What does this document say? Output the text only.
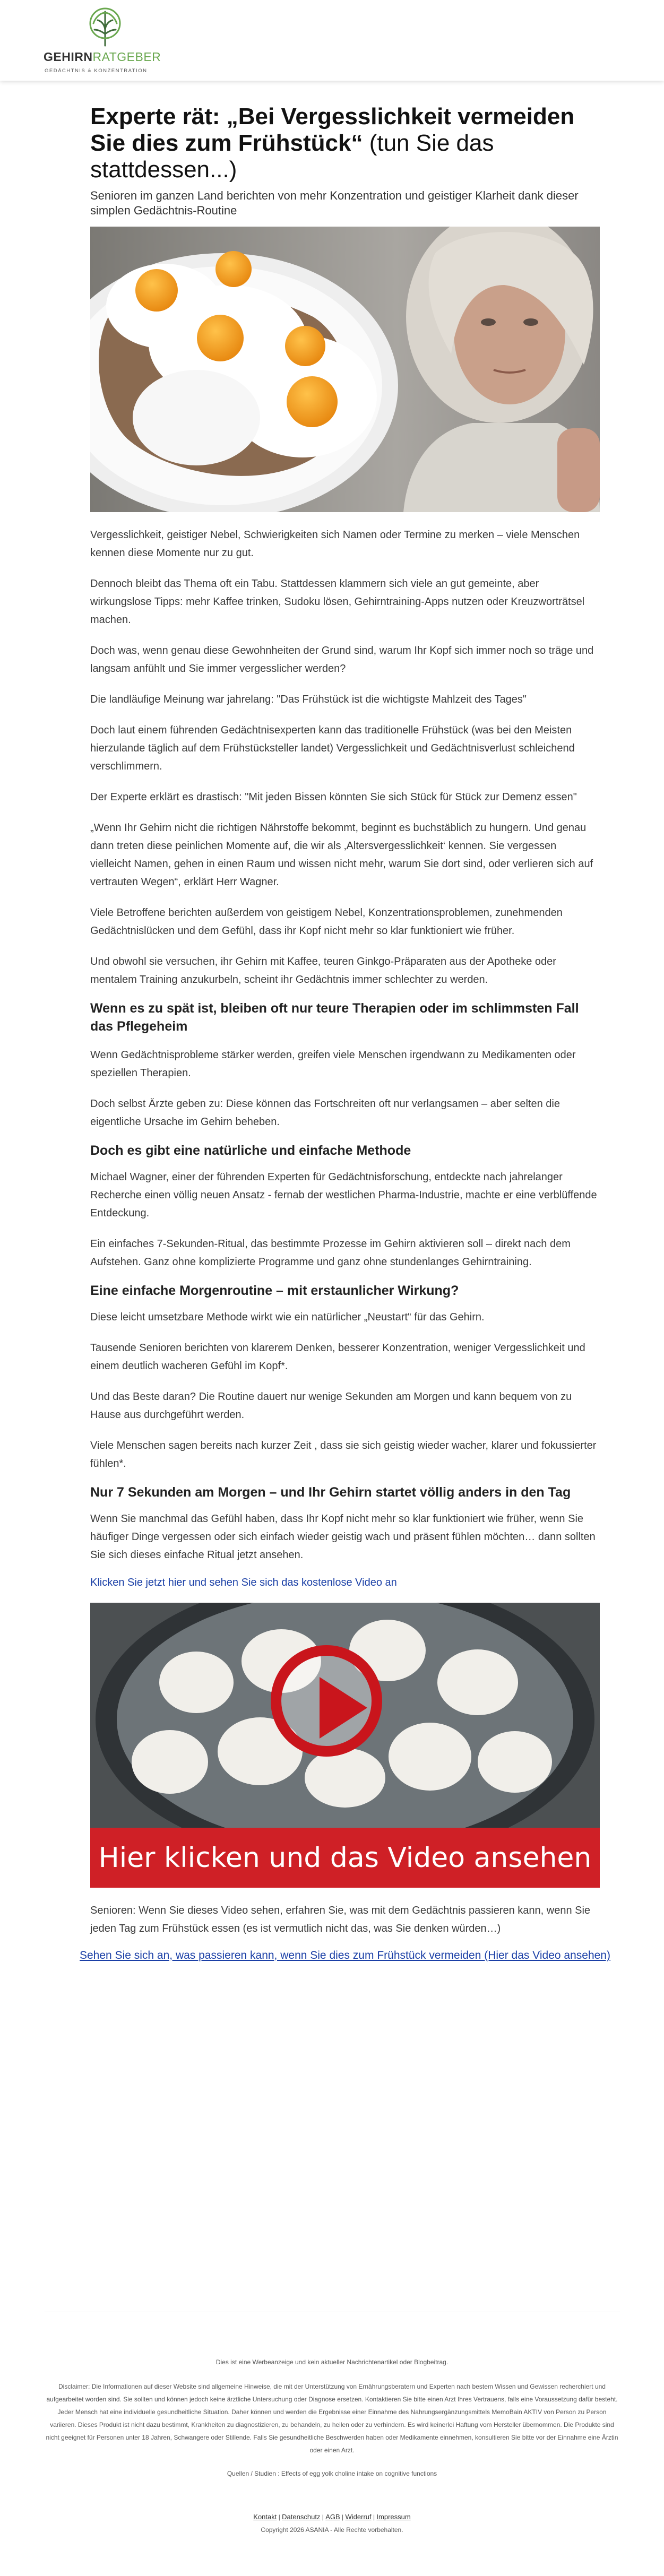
GEHIRNRATGEBER
GEDÄCHTNIS & KONZENTRATION
Experte rät: „Bei Vergesslichkeit vermeiden Sie dies zum Frühstück“ (tun Sie das stattdessen...)

Senioren im ganzen Land berichten von mehr Konzentration und geistiger Klarheit dank dieser simplen Gedächtnis-Routine

Vergesslichkeit, geistiger Nebel, Schwierigkeiten sich Namen oder Termine zu merken – viele Menschen kennen diese Momente nur zu gut.

Dennoch bleibt das Thema oft ein Tabu. Stattdessen klammern sich viele an gut gemeinte, aber wirkungslose Tipps: mehr Kaffee trinken, Sudoku lösen, Gehirntraining-Apps nutzen oder Kreuzworträtsel machen.

Doch was, wenn genau diese Gewohnheiten der Grund sind, warum Ihr Kopf sich immer noch so träge und langsam anfühlt und Sie immer vergesslicher werden?

Die landläufige Meinung war jahrelang: "Das Frühstück ist die wichtigste Mahlzeit des Tages"

Doch laut einem führenden Gedächtnisexperten kann das traditionelle Frühstück (was bei den Meisten hierzulande täglich auf dem Frühstücksteller landet) Vergesslichkeit und Gedächtnisverlust schleichend verschlimmern.

Der Experte erklärt es drastisch: "Mit jeden Bissen könnten Sie sich Stück für Stück zur Demenz essen"

„Wenn Ihr Gehirn nicht die richtigen Nährstoffe bekommt, beginnt es buchstäblich zu hungern. Und genau dann treten diese peinlichen Momente auf, die wir als ‚Altersvergesslichkeit‘ kennen. Sie vergessen vielleicht Namen, gehen in einen Raum und wissen nicht mehr, warum Sie dort sind, oder verlieren sich auf vertrauten Wegen“, erklärt Herr Wagner.

Viele Betroffene berichten außerdem von geistigem Nebel, Konzentrationsproblemen, zunehmenden Gedächtnislücken und dem Gefühl, dass ihr Kopf nicht mehr so klar funktioniert wie früher.

Und obwohl sie versuchen, ihr Gehirn mit Kaffee, teuren Ginkgo-Präparaten aus der Apotheke oder mentalem Training anzukurbeln, scheint ihr Gedächtnis immer schlechter zu werden.

Wenn es zu spät ist, bleiben oft nur teure Therapien oder im schlimmsten Fall das Pflegeheim

Wenn Gedächtnisprobleme stärker werden, greifen viele Menschen irgendwann zu Medikamenten oder speziellen Therapien.

Doch selbst Ärzte geben zu: Diese können das Fortschreiten oft nur verlangsamen – aber selten die eigentliche Ursache im Gehirn beheben.

Doch es gibt eine natürliche und einfache Methode

Michael Wagner, einer der führenden Experten für Gedächtnisforschung, entdeckte nach jahrelanger Recherche einen völlig neuen Ansatz - fernab der westlichen Pharma-Industrie, machte er eine verblüffende Entdeckung.

Ein einfaches 7-Sekunden-Ritual, das bestimmte Prozesse im Gehirn aktivieren soll – direkt nach dem Aufstehen. Ganz ohne komplizierte Programme und ganz ohne stundenlanges Gehirntraining.

Eine einfache Morgenroutine – mit erstaunlicher Wirkung?

Diese leicht umsetzbare Methode wirkt wie ein natürlicher „Neustart“ für das Gehirn.

Tausende Senioren berichten von klarerem Denken, besserer Konzentration, weniger Vergesslichkeit und einem deutlich wacheren Gefühl im Kopf*.

Und das Beste daran? Die Routine dauert nur wenige Sekunden am Morgen und kann bequem von zu Hause aus durchgeführt werden.

Viele Menschen sagen bereits nach kurzer Zeit , dass sie sich geistig wieder wacher, klarer und fokussierter fühlen*.

Nur 7 Sekunden am Morgen – und Ihr Gehirn startet völlig anders in den Tag

Wenn Sie manchmal das Gefühl haben, dass Ihr Kopf nicht mehr so klar funktioniert wie früher, wenn Sie häufiger Dinge vergessen oder sich einfach wieder geistig wach und präsent fühlen möchten… dann sollten Sie sich dieses einfache Ritual jetzt ansehen.

Klicken Sie jetzt hier und sehen Sie sich das kostenlose Video an
Hier klicken und das Video ansehen

Senioren: Wenn Sie dieses Video sehen, erfahren Sie, was mit dem Gedächtnis passieren kann, wenn Sie jeden Tag zum Frühstück essen (es ist vermutlich nicht das, was Sie denken würden…)

Sehen Sie sich an, was passieren kann, wenn Sie dies zum Frühstück vermeiden (Hier das Video ansehen)
Dies ist eine Werbeanzeige und kein aktueller Nachrichtenartikel oder Blogbeitrag.
Disclaimer: Die Informationen auf dieser Website sind allgemeine Hinweise, die mit der Unterstützung von Ernährungsberatern und Experten nach bestem Wissen und Gewissen recherchiert und aufgearbeitet worden sind. Sie sollten und können jedoch keine ärztliche Untersuchung oder Diagnose ersetzen. Kontaktieren Sie bitte einen Arzt Ihres Vertrauens, falls eine Voraussetzung dafür besteht. Jeder Mensch hat eine individuelle gesundheitliche Situation. Daher können und werden die Ergebnisse einer Einnahme des Nahrungsergänzungsmittels MemoBain AKTIV von Person zu Person variieren. Dieses Produkt ist nicht dazu bestimmt, Krankheiten zu diagnostizieren, zu behandeln, zu heilen oder zu verhindern. Es wird keinerlei Haftung vom Hersteller übernommen. Die Produkte sind nicht geeignet für Personen unter 18 Jahren, Schwangere oder Stillende. Falls Sie gesundheitliche Beschwerden haben oder Medikamente einnehmen, konsultieren Sie bitte vor der Einnahme eine Ärztin oder einen Arzt.
Quellen / Studien : Effects of egg yolk choline intake on cognitive functions
Kontakt | Datenschutz | AGB | Widerruf | Impressum
Copyright 2026 ASANIA - Alle Rechte vorbehalten.
